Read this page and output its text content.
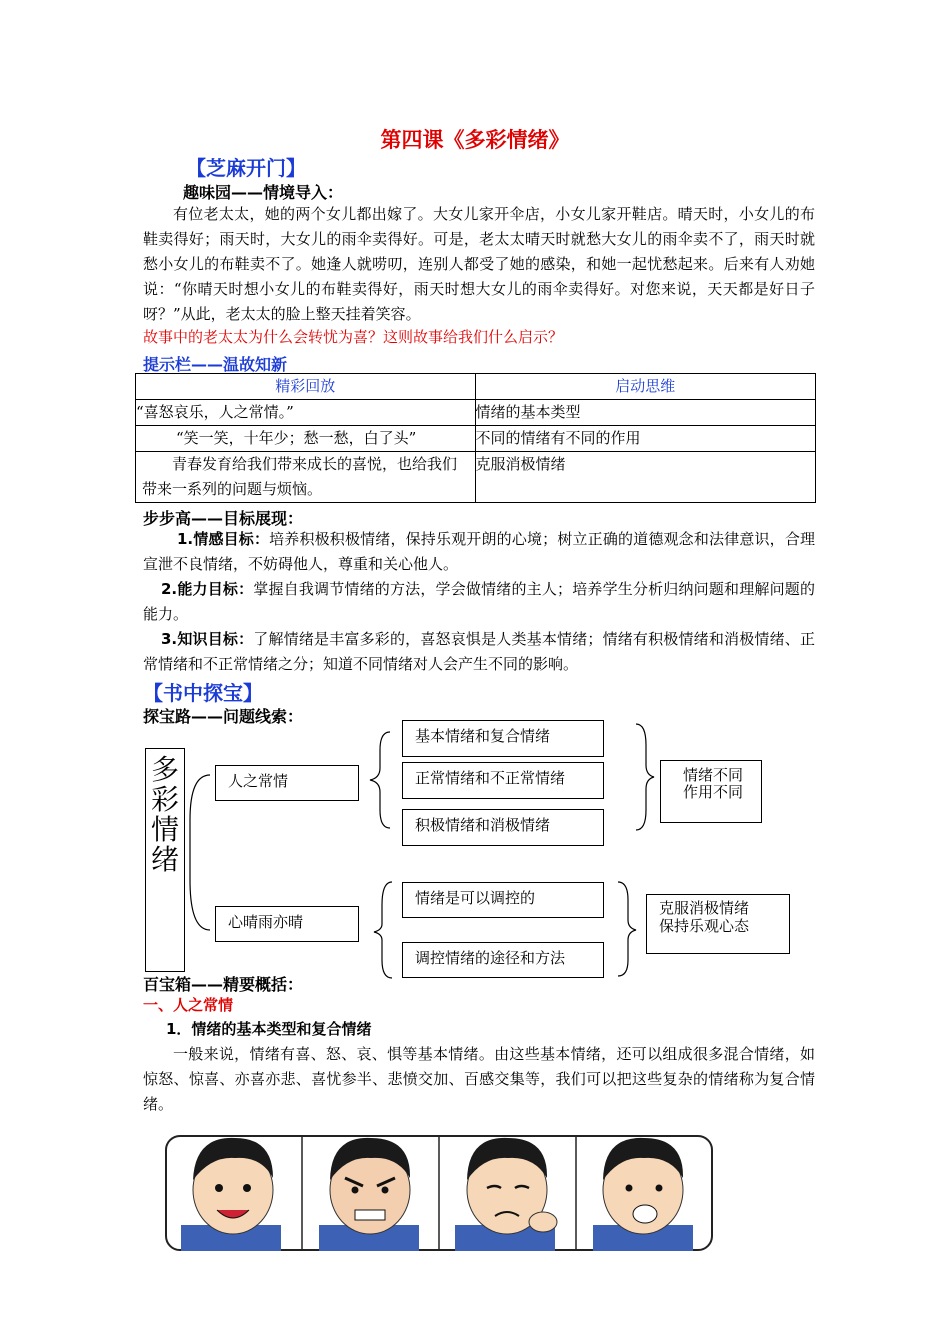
第四课《多彩情绪》
【芝麻开门】
趣味园——情境导入：

有位老太太，她的两个女儿都出嫁了。大女儿家开伞店，小女儿家开鞋店。晴天时，小女儿的布鞋卖得好；雨天时，大女儿的雨伞卖得好。可是，老太太晴天时就愁大女儿的雨伞卖不了，雨天时就愁小女儿的布鞋卖不了。她逢人就唠叨，连别人都受了她的感染，和她一起忧愁起来。后来有人劝她说：“你晴天时想小女儿的布鞋卖得好，雨天时想大女儿的雨伞卖得好。对您来说，天天都是好日子呀？”从此，老太太的脸上整天挂着笑容。

故事中的老太太为什么会转忧为喜？这则故事给我们什么启示？
提示栏——温故知新
精彩回放	启动思维
“喜怒哀乐，人之常情。”	情绪的基本类型
“笑一笑，十年少；愁一愁，白了头”	不同的情绪有不同的作用
青春发育给我们带来成长的喜悦，也给我们带来一系列的问题与烦恼。	克服消极情绪
步步高——目标展现：
1.情感目标：培养积极积极情绪，保持乐观开朗的心境；树立正确的道德观念和法律意识，合理宣泄不良情绪，不妨碍他人，尊重和关心他人。
2.能力目标：掌握自我调节情绪的方法，学会做情绪的主人；培养学生分析归纳问题和理解问题的能力。
3.知识目标：了解情绪是丰富多彩的，喜怒哀惧是人类基本情绪；情绪有积极情绪和消极情绪、正常情绪和不正常情绪之分；知道不同情绪对人会产生不同的影响。
【书中探宝】
探宝路——问题线索：
多彩情绪
人之常情
心晴雨亦晴
基本情绪和复合情绪
正常情绪和不正常情绪
积极情绪和消极情绪
情绪不同
作用不同
情绪是可以调控的
调控情绪的途径和方法
克服消极情绪
保持乐观心态
百宝箱——精要概括：
一、人之常情
1．情绪的基本类型和复合情绪

一般来说，情绪有喜、怒、哀、惧等基本情绪。由这些基本情绪，还可以组成很多混合情绪，如惊怒、惊喜、亦喜亦悲、喜忧参半、悲愤交加、百感交集等，我们可以把这些复杂的情绪称为复合情绪。
